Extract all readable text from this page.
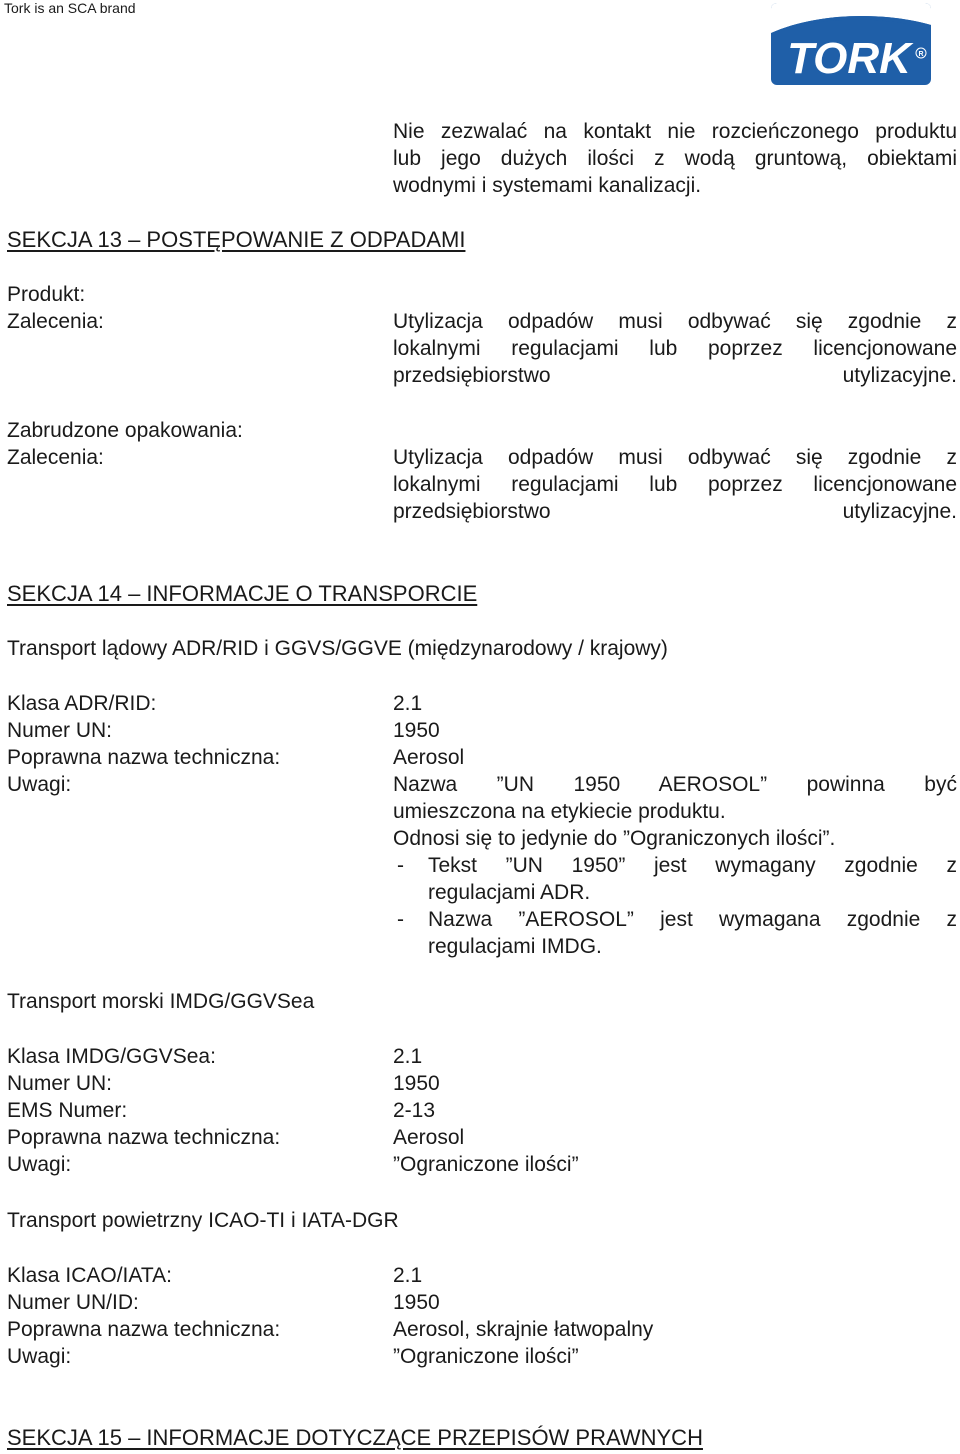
Tork is an SCA brand
TORK	R
Nie zezwalać na kontakt nie rozcieńczonego produktu
lub jego dużych ilości z wodą gruntową, obiektami
wodnymi i systemami kanalizacji.
SEKCJA 13 – POSTĘPOWANIE Z ODPADAMI
Produkt:
Zalecenia:	Utylizacja odpadów musi odbywać się zgodnie z
lokalnymi regulacjami lub poprzez licencjonowane
przedsiębiorstwo utylizacyjne.
Zabrudzone opakowania:
Zalecenia:	Utylizacja odpadów musi odbywać się zgodnie z
lokalnymi regulacjami lub poprzez licencjonowane
przedsiębiorstwo utylizacyjne.
SEKCJA 14 – INFORMACJE O TRANSPORCIE
Transport lądowy ADR/RID i GGVS/GGVE (międzynarodowy / krajowy)
Klasa ADR/RID:	2.1
Numer UN:	1950
Poprawna nazwa techniczna:	Aerosol
Uwagi:	Nazwa ”UN 1950 AEROSOL” powinna być
umieszczona na etykiecie produktu.
Odnosi się to jedynie do ”Ograniczonych ilości”.
- Tekst ”UN 1950” jest wymagany zgodnie z
regulacjami ADR.
- Nazwa ”AEROSOL” jest wymagana zgodnie z
regulacjami IMDG.
Transport morski IMDG/GGVSea
Klasa IMDG/GGVSea:	2.1
Numer UN:	1950
EMS Numer:	2-13
Poprawna nazwa techniczna:	Aerosol
Uwagi:	”Ograniczone ilości”
Transport powietrzny ICAO-TI i IATA-DGR
Klasa ICAO/IATA:	2.1
Numer UN/ID:	1950
Poprawna nazwa techniczna:	Aerosol, skrajnie łatwopalny
Uwagi:	”Ograniczone ilości”
SEKCJA 15 – INFORMACJE DOTYCZĄCE PRZEPISÓW PRAWNYCH
